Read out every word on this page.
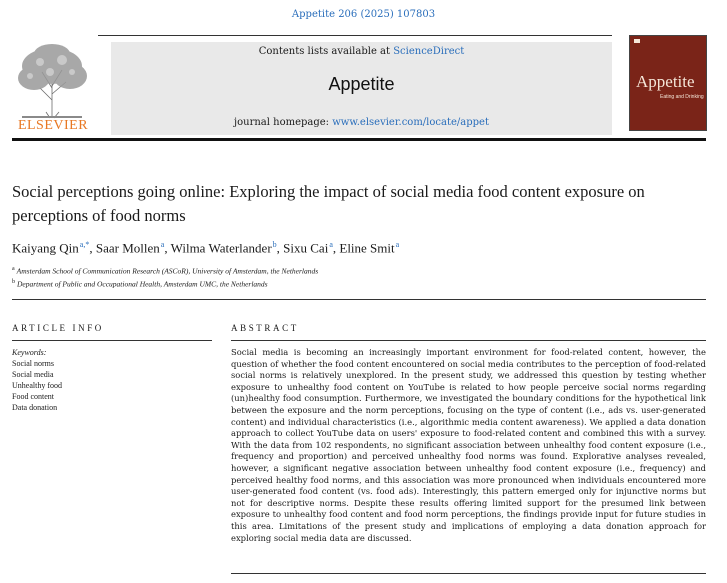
Appetite 206 (2025) 107803
ELSEVIER
Contents lists available at ScienceDirect
Appetite
journal homepage: www.elsevier.com/locate/appet
Appetite
Eating and Drinking
Social perceptions going online: Exploring the impact of social media food content exposure on perceptions of food norms
Kaiyang Qin$^{a,*}$, Saar Mollen$^a$, Wilma Waterlander$^b$, Sixu Cai$^a$, Eline Smit$^a$
$^a$ Amsterdam School of Communication Research (ASCoR), University of Amsterdam, the Netherlands
$^b$ Department of Public and Occupational Health, Amsterdam UMC, the Netherlands
ARTICLE INFO	ABSTRACT
Keywords:
Social norms
Social media
Unhealthy food
Food content
Data donation
Social media is becoming an increasingly important environment for food-related content, however, the question of whether the food content encountered on social media contributes to the perception of food-related social norms is relatively unexplored. In the present study, we addressed this question by testing whether exposure to unhealthy food content on YouTube is related to how people perceive social norms regarding (un)healthy food consumption. Furthermore, we investigated the boundary conditions for the hypothetical link between the exposure and the norm perceptions, focusing on the type of content (i.e., ads vs. user-generated content) and individual characteristics (i.e., algorithmic media content awareness). We applied a data donation approach to collect YouTube data on users' exposure to food-related content and combined this with a survey. With the data from 102 respondents, no significant association between unhealthy food content exposure (i.e., frequency and proportion) and perceived unhealthy food norms was found. Explorative analyses revealed, however, a significant negative association between unhealthy food content exposure (i.e., frequency) and perceived healthy food norms, and this association was more pronounced when individuals encountered more user-generated food content (vs. food ads). Interestingly, this pattern emerged only for injunctive norms but not for descriptive norms. Despite these results offering limited support for the presumed link between exposure to unhealthy food content and food norm perceptions, the findings provide input for future studies in this area. Limitations of the present study and implications of employing a data donation approach for exploring social media data are discussed.
